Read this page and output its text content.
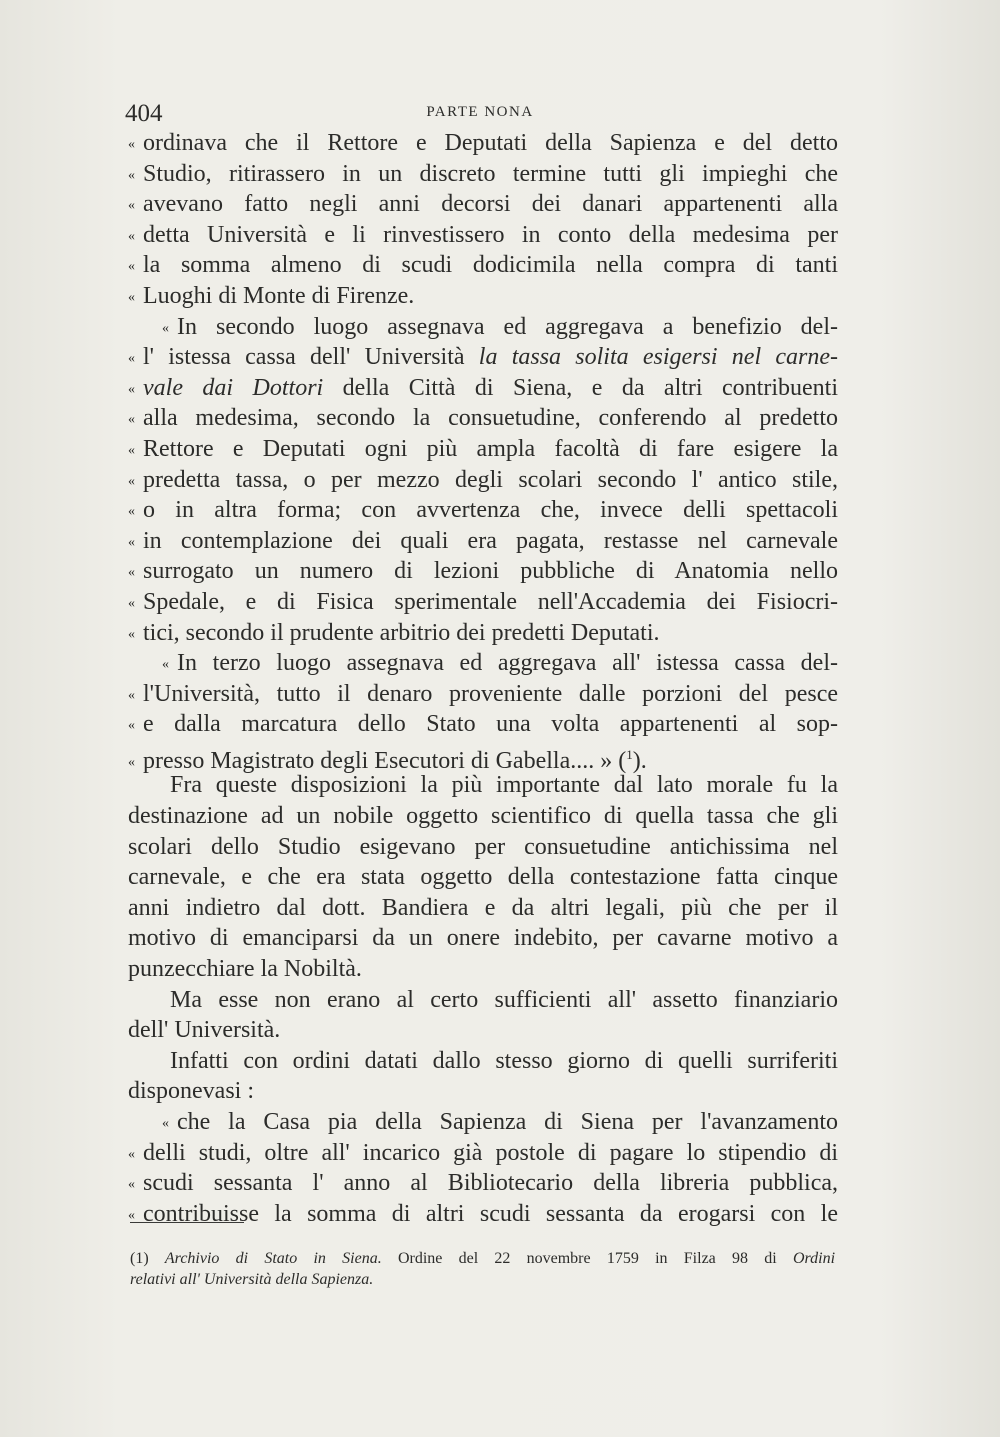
404	PARTE NONA
« ordinava che il Rettore e Deputati della Sapienza e del detto
« Studio, ritirassero in un discreto termine tutti gli impieghi che
« avevano fatto negli anni decorsi dei danari appartenenti alla
« detta Università e li rinvestissero in conto della medesima per
« la somma almeno di scudi dodicimila nella compra di tanti
« Luoghi di Monte di Firenze.
« In secondo luogo assegnava ed aggregava a benefizio del-
« l' istessa cassa dell' Università la tassa solita esigersi nel carne-
« vale dai Dottori della Città di Siena, e da altri contribuenti
« alla medesima, secondo la consuetudine, conferendo al predetto
« Rettore e Deputati ogni più ampla facoltà di fare esigere la
« predetta tassa, o per mezzo degli scolari secondo l' antico stile,
« o in altra forma; con avvertenza che, invece delli spettacoli
« in contemplazione dei quali era pagata, restasse nel carnevale
« surrogato un numero di lezioni pubbliche di Anatomia nello
« Spedale, e di Fisica sperimentale nell'Accademia dei Fisiocri-
« tici, secondo il prudente arbitrio dei predetti Deputati.
« In terzo luogo assegnava ed aggregava all' istessa cassa del-
« l'Università, tutto il denaro proveniente dalle porzioni del pesce
« e dalla marcatura dello Stato una volta appartenenti al sop-
« presso Magistrato degli Esecutori di Gabella.... » ($^1$).
Fra queste disposizioni la più importante dal lato morale fu la
destinazione ad un nobile oggetto scientifico di quella tassa che gli
scolari dello Studio esigevano per consuetudine antichissima nel
carnevale, e che era stata oggetto della contestazione fatta cinque
anni indietro dal dott. Bandiera e da altri legali, più che per il
motivo di emanciparsi da un onere indebito, per cavarne motivo a
punzecchiare la Nobiltà.
Ma esse non erano al certo sufficienti all' assetto finanziario
dell' Università.
Infatti con ordini datati dallo stesso giorno di quelli surriferiti
disponevasi :
« che la Casa pia della Sapienza di Siena per l'avanzamento
« delli studi, oltre all' incarico già postole di pagare lo stipendio di
« scudi sessanta l' anno al Bibliotecario della libreria pubblica,
« contribuisse la somma di altri scudi sessanta da erogarsi con le
(1) Archivio di Stato in Siena. Ordine del 22 novembre 1759 in Filza 98 di Ordini
relativi all' Università della Sapienza.
